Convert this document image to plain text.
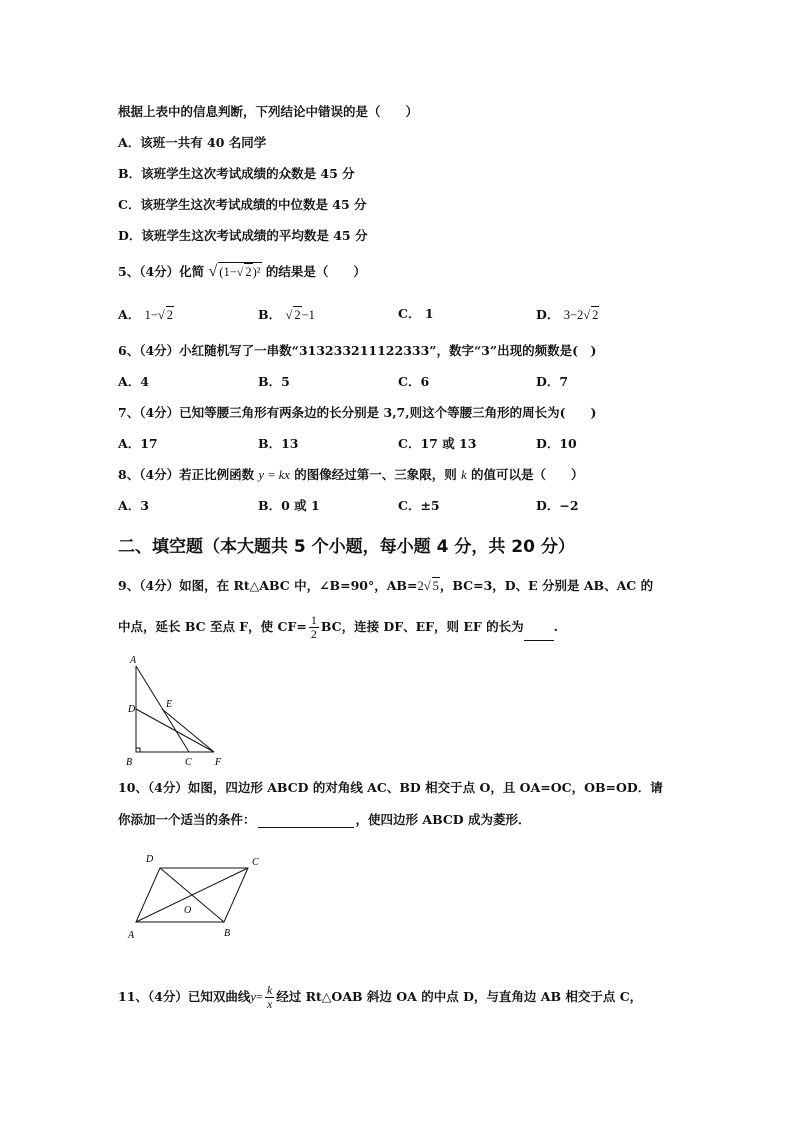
根据上表中的信息判断，下列结论中错误的是（　　）
A．该班一共有 40 名同学
B．该班学生这次考试成绩的众数是 45 分
C．该班学生这次考试成绩的中位数是 45 分
D．该班学生这次考试成绩的平均数是 45 分
5、（4分）化简 √ (1−√ 2)² 的结果是（　　）
A． 1−√ 2	B． √ 2−1	C． 1	D． 3−2√ 2
6、（4分）小红随机写了一串数“313233211122333”，数字“3”出现的频数是(　)
A．4	B．5	C．6	D．7
7、（4分）已知等腰三角形有两条边的长分别是 3,7,则这个等腰三角形的周长为(　　)
A．17	B．13	C．17 或 13	D．10
8、（4分）若正比例函数 y = kx 的图像经过第一、三象限，则 k 的值可以是（　　）
A．3	B．0 或 1	C．±5	D．−2
二、填空题（本大题共 5 个小题，每小题 4 分，共 20 分）
9、（4分）如图，在 Rt△ABC 中，∠B=90°，AB=2√ 5，BC=3，D、E 分别是 AB、AC 的
中点，延长 BC 至点 F，使 $CF= \frac{1}{2}$ BC，连接 DF、EF，则 EF 的长为 .
A
B	C
D	E
F
10、（4分）如图，四边形 ABCD 的对角线 AC、BD 相交于点 O，且 OA=OC，OB=OD．请
你添加一个适当的条件：	，使四边形 ABCD 成为菱形．
A	B
C
D
O
11、（4分）已知双曲线$y= \frac{k}{x}$ 经过 Rt△OAB 斜边 OA 的中点 D，与直角边 AB 相交于点 C，
